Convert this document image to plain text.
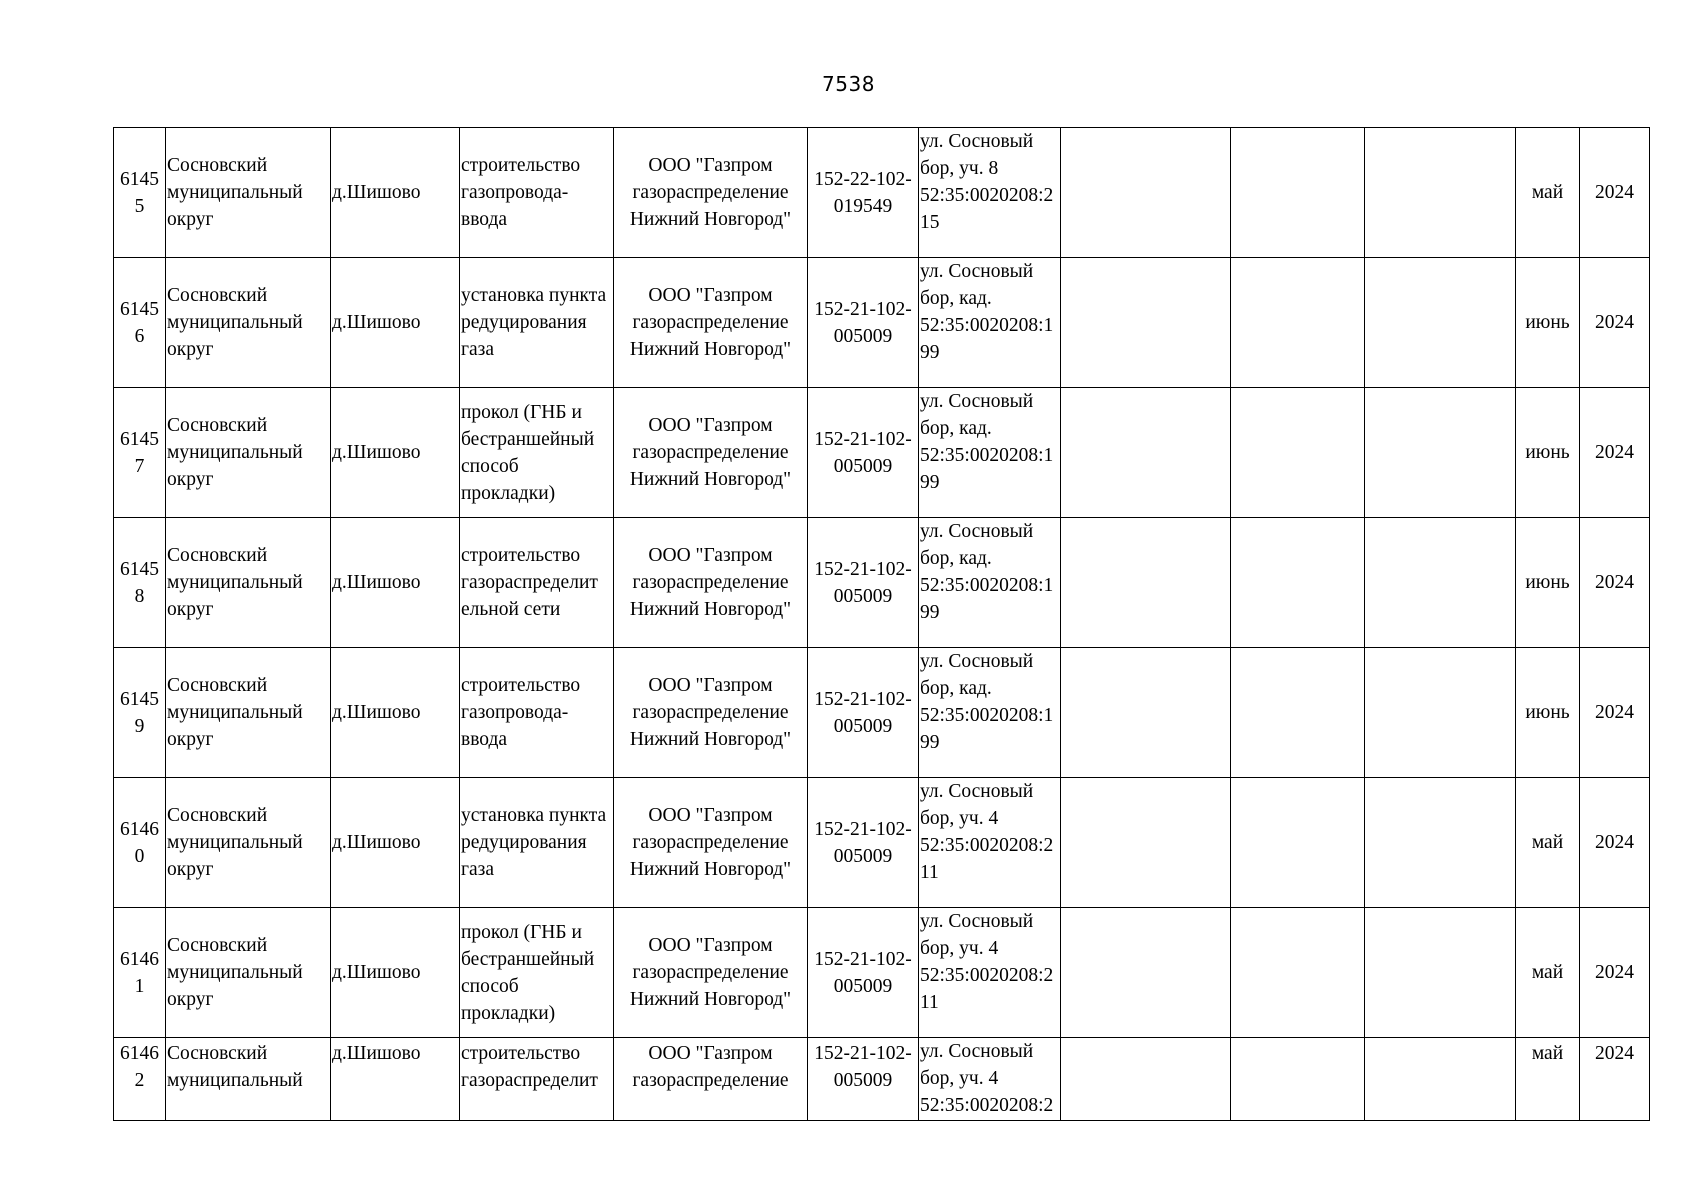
7538
6145
5	Сосновский
муниципальный
округ	д.Шишово	строительство
газопровода-
ввода	ООО "Газпром
газораспределение
Нижний Новгород"	152-22-102-
019549	ул. Сосновый
бор, уч. 8
52:35:0020208:2
15				май	2024

6145
6	Сосновский
муниципальный
округ	д.Шишово	установка пункта
редуцирования
газа	ООО "Газпром
газораспределение
Нижний Новгород"	152-21-102-
005009	ул. Сосновый
бор, кад.
52:35:0020208:1
99				июнь	2024

6145
7	Сосновский
муниципальный
округ	д.Шишово	прокол (ГНБ и
бестраншейный
способ
прокладки)	ООО "Газпром
газораспределение
Нижний Новгород"	152-21-102-
005009	ул. Сосновый
бор, кад.
52:35:0020208:1
99				июнь	2024

6145
8	Сосновский
муниципальный
округ	д.Шишово	строительство
газораспределит
ельной сети	ООО "Газпром
газораспределение
Нижний Новгород"	152-21-102-
005009	ул. Сосновый
бор, кад.
52:35:0020208:1
99				июнь	2024

6145
9	Сосновский
муниципальный
округ	д.Шишово	строительство
газопровода-
ввода	ООО "Газпром
газораспределение
Нижний Новгород"	152-21-102-
005009	ул. Сосновый
бор, кад.
52:35:0020208:1
99				июнь	2024

6146
0	Сосновский
муниципальный
округ	д.Шишово	установка пункта
редуцирования
газа	ООО "Газпром
газораспределение
Нижний Новгород"	152-21-102-
005009	ул. Сосновый
бор, уч. 4
52:35:0020208:2
11				май	2024

6146
1	Сосновский
муниципальный
округ	д.Шишово	прокол (ГНБ и
бестраншейный
способ
прокладки)	ООО "Газпром
газораспределение
Нижний Новгород"	152-21-102-
005009	ул. Сосновый
бор, уч. 4
52:35:0020208:2
11				май	2024

6146
2	Сосновский
муниципальный	д.Шишово	строительство
газораспределит	ООО "Газпром
газораспределение	152-21-102-
005009	ул. Сосновый
бор, уч. 4
52:35:0020208:2				май	2024
